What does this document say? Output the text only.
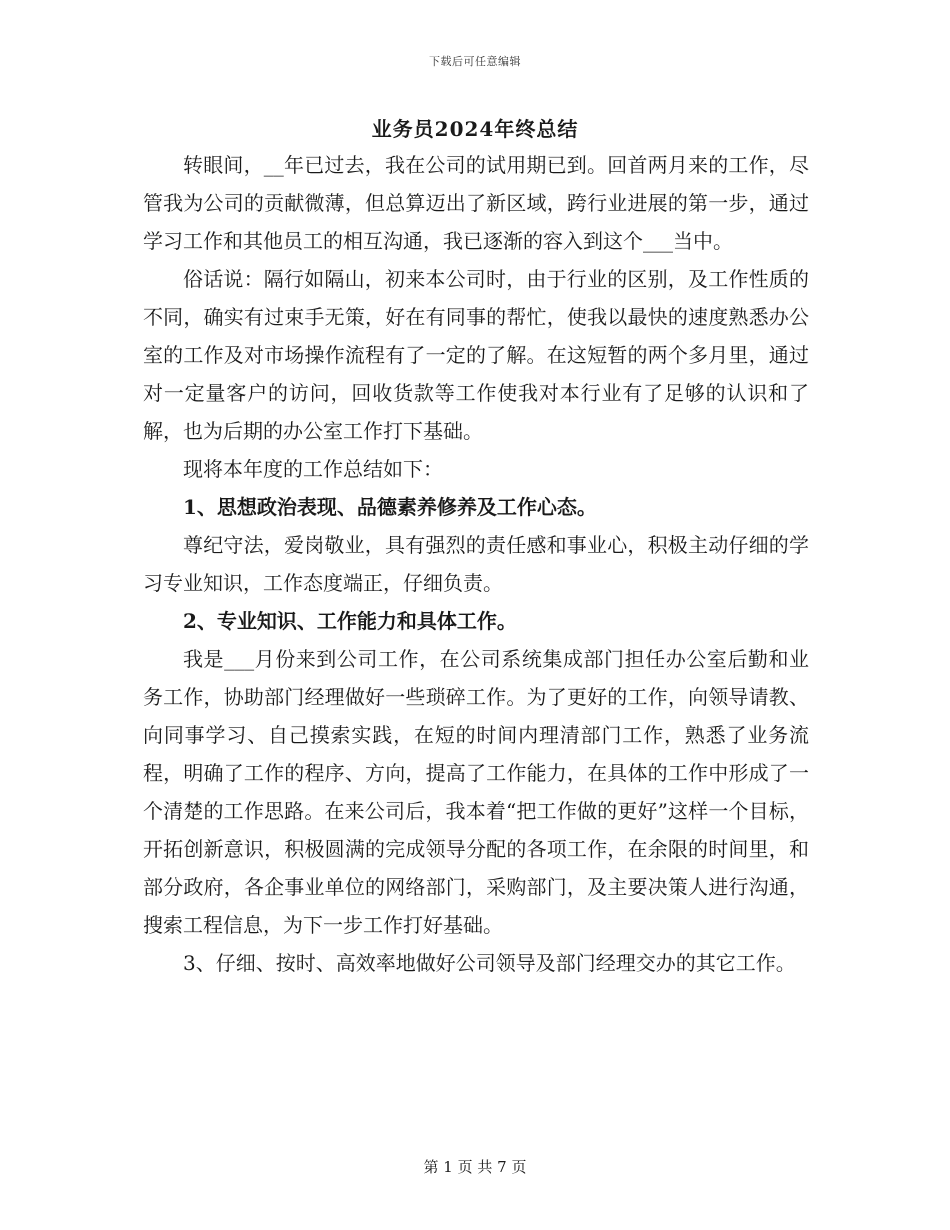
下载后可任意编辑
业务员2024年终总结

转眼间，__年已过去，我在公司的试用期已到。回首两月来的工作，尽管我为公司的贡献微薄，但总算迈出了新区域，跨行业进展的第一步，通过学习工作和其他员工的相互沟通，我已逐渐的容入到这个___当中。

俗话说：隔行如隔山，初来本公司时，由于行业的区别，及工作性质的不同，确实有过束手无策，好在有同事的帮忙，使我以最快的速度熟悉办公室的工作及对市场操作流程有了一定的了解。在这短暂的两个多月里，通过对一定量客户的访问，回收货款等工作使我对本行业有了足够的认识和了解，也为后期的办公室工作打下基础。

现将本年度的工作总结如下：

1、思想政治表现、品德素养修养及工作心态。

尊纪守法，爱岗敬业，具有强烈的责任感和事业心，积极主动仔细的学习专业知识，工作态度端正，仔细负责。

2、专业知识、工作能力和具体工作。

我是___月份来到公司工作，在公司系统集成部门担任办公室后勤和业务工作，协助部门经理做好一些琐碎工作。为了更好的工作，向领导请教、向同事学习、自己摸索实践，在短的时间内理清部门工作，熟悉了业务流程，明确了工作的程序、方向，提高了工作能力，在具体的工作中形成了一个清楚的工作思路。在来公司后，我本着“把工作做的更好”这样一个目标，开拓创新意识，积极圆满的完成领导分配的各项工作，在余限的时间里，和部分政府，各企事业单位的网络部门，采购部门，及主要决策人进行沟通，搜索工程信息，为下一步工作打好基础。

3、仔细、按时、高效率地做好公司领导及部门经理交办的其它工作。

第 1 页 共 7 页
